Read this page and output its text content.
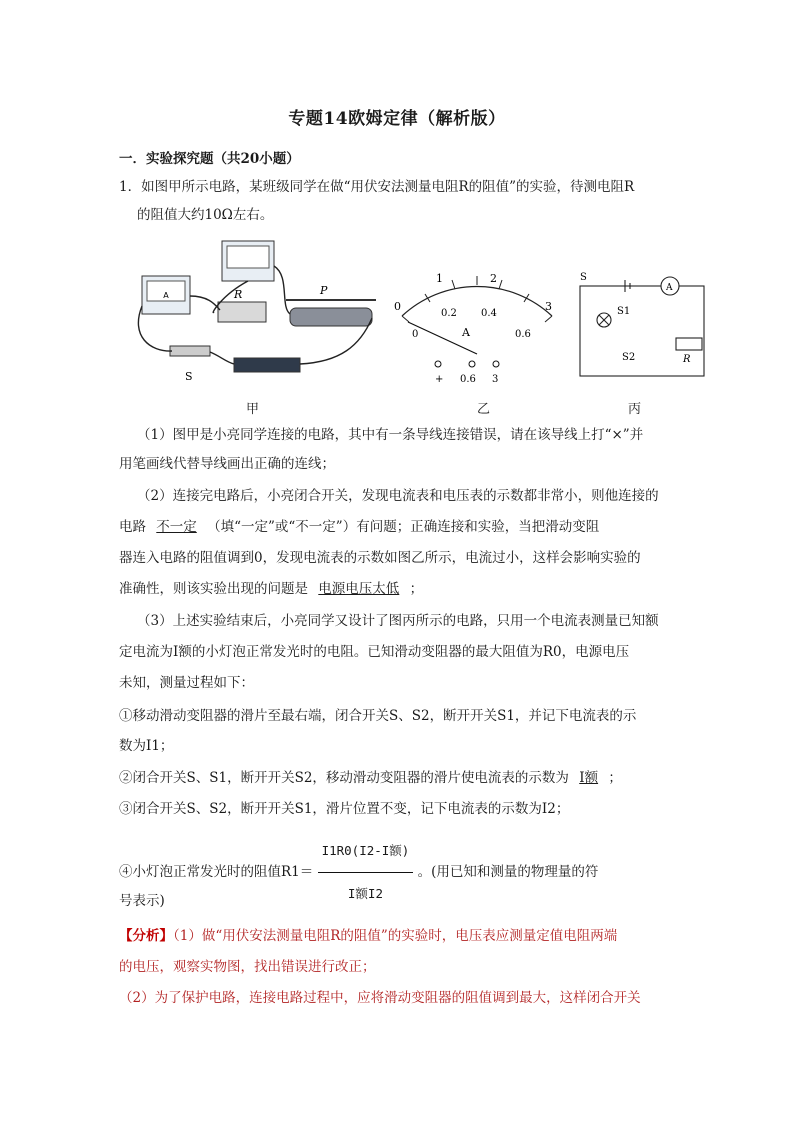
专题14欧姆定律（解析版）
一．实验探究题（共20小题）
1．如图甲所示电路，某班级同学在做“用伏安法测量电阻R的阻值”的实验，待测电阻R
的阻值大约10Ω左右。
A	R	P
S
0
1	2
3
0
0.2 0.4
0.6
A
+ 0.6 3
S
A
S1
S2	R
甲	乙	丙
（1）图甲是小亮同学连接的电路，其中有一条导线连接错误，请在该导线上打“×”并
用笔画线代替导线画出正确的连线；
（2）连接完电路后，小亮闭合开关，发现电流表和电压表的示数都非常小，则他连接的
电路 不一定 （填“一定”或“不一定”）有问题；正确连接和实验，当把滑动变阻
器连入电路的阻值调到0，发现电流表的示数如图乙所示，电流过小，这样会影响实验的
准确性，则该实验出现的问题是 电源电压太低 ；
（3）上述实验结束后，小亮同学又设计了图丙所示的电路，只用一个电流表测量已知额
定电流为I额的小灯泡正常发光时的电阻。已知滑动变阻器的最大阻值为R0，电源电压
未知，测量过程如下：
①移动滑动变阻器的滑片至最右端，闭合开关S、S2，断开开关S1，并记下电流表的示
数为I1；
②闭合开关S、S1，断开开关S2，移动滑动变阻器的滑片使电流表的示数为 I额 ；
③闭合开关S、S2，断开开关S1，滑片位置不变，记下电流表的示数为I2；
④小灯泡正常发光时的阻值$R1= \frac{\text{I1R0(I2-I额)}}{\text{I额I2}}$ 。(用已知和测量的物理量的符
号表示)
【分析】（1）做“用伏安法测量电阻R的阻值”的实验时，电压表应测量定值电阻两端
的电压，观察实物图，找出错误进行改正；
（2）为了保护电路，连接电路过程中，应将滑动变阻器的阻值调到最大，这样闭合开关
